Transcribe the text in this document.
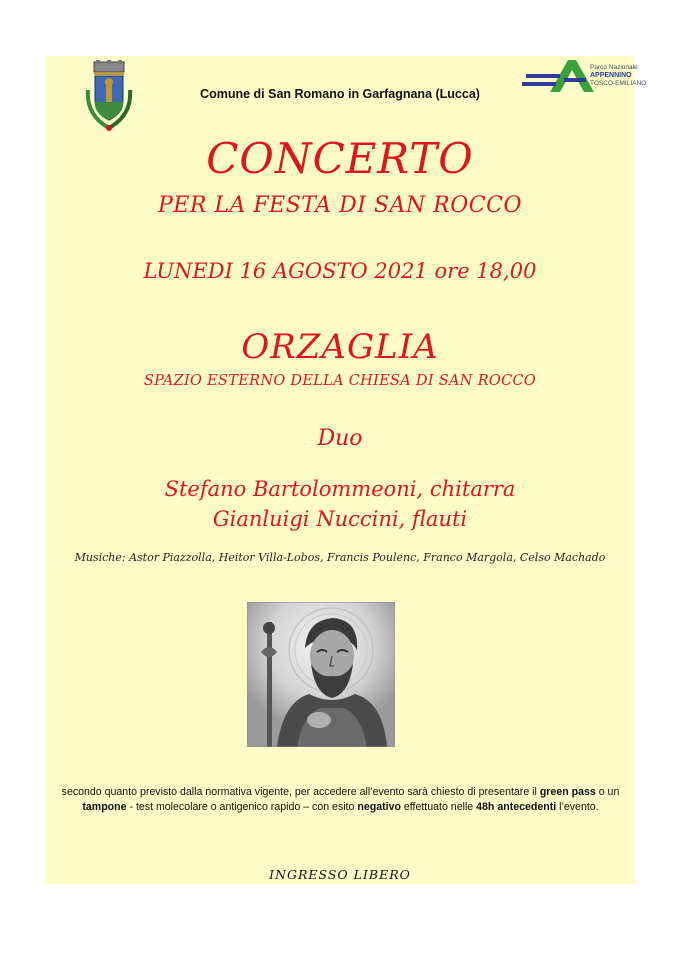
Parco Nazionale
APPENNINO
TOSCO-EMILIANO
Comune di San Romano in Garfagnana (Lucca)
CONCERTO
PER LA FESTA DI SAN ROCCO
LUNEDI 16 AGOSTO 2021 ore 18,00
ORZAGLIA
SPAZIO ESTERNO DELLA CHIESA DI SAN ROCCO
Duo
Stefano Bartolommeoni, chitarra
Gianluigi Nuccini, flauti
Musiche: Astor Piazzolla, Heitor Villa-Lobos, Francis Poulenc, Franco Margola, Celso Machado
secondo quanto previsto dalla normativa vigente, per accedere all’evento sarà chiesto di presentare il green pass o un tampone - test molecolare o antigenico rapido – con esito negativo effettuato nelle 48h antecedenti l’evento.
INGRESSO LIBERO
